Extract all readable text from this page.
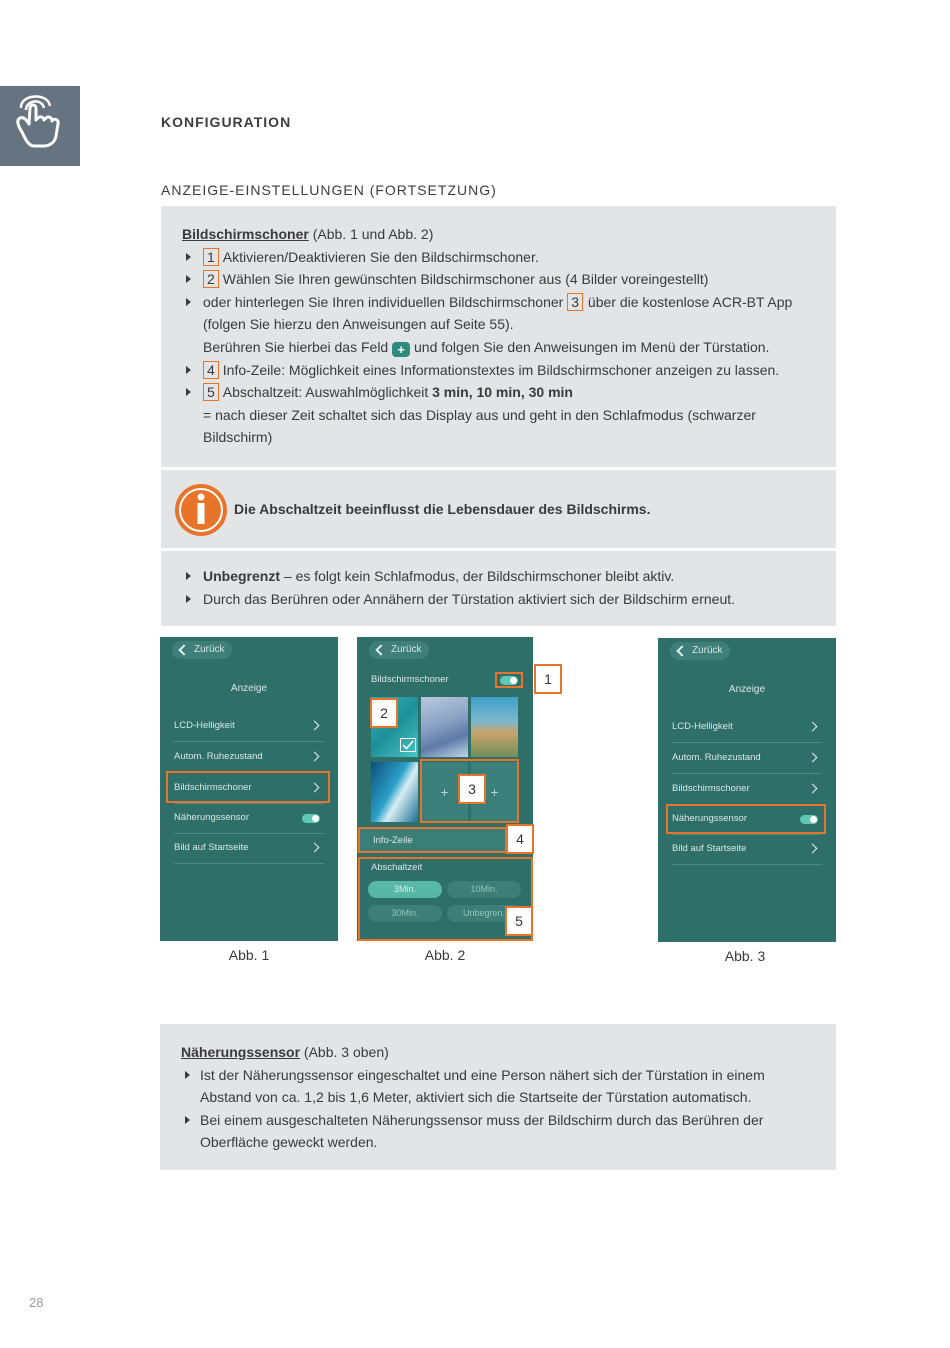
KONFIGURATION
ANZEIGE-EINSTELLUNGEN (FORTSETZUNG)
Bildschirmschoner (Abb. 1 und Abb. 2)
1 Aktivieren/Deaktivieren Sie den Bildschirmschoner.
2 Wählen Sie Ihren gewünschten Bildschirmschoner aus (4 Bilder voreingestellt)
oder hinterlegen Sie Ihren individuellen Bildschirmschoner 3 über die kostenlose ACR-BT App
(folgen Sie hierzu den Anweisungen auf Seite 55).
Berühren Sie hierbei das Feld + und folgen Sie den Anweisungen im Menü der Türstation.
4 Info-Zeile: Möglichkeit eines Informationstextes im Bildschirmschoner anzeigen zu lassen.
5 Abschaltzeit: Auswahlmöglichkeit 3 min, 10 min, 30 min
= nach dieser Zeit schaltet sich das Display aus und geht in den Schlafmodus (schwarzer
Bildschirm)
Die Abschaltzeit beeinflusst die Lebensdauer des Bildschirms.
Unbegrenzt – es folgt kein Schlafmodus, der Bildschirmschoner bleibt aktiv.
Durch das Berühren oder Annähern der Türstation aktiviert sich der Bildschirm erneut.
Zurück
Anzeige
LCD-Helligkeit
Autom. Ruhezustand
Bildschirmschoner
Näherungssensor
Bild auf Startseite
Abb. 1
Zurück
Bildschirmschoner
+	+
Info-Zeile
Abschaltzeit
3Min.	10Min.
30Min.	Unbegren.
1
2
3
4
5
Abb. 2
Zurück
Anzeige
LCD-Helligkeit
Autom. Ruhezustand
Bildschirmschoner
Näherungssensor
Bild auf Startseite
Abb. 3
Näherungssensor (Abb. 3 oben)
Ist der Näherungssensor eingeschaltet und eine Person nähert sich der Türstation in einem
Abstand von ca. 1,2 bis 1,6 Meter, aktiviert sich die Startseite der Türstation automatisch.
Bei einem ausgeschalteten Näherungssensor muss der Bildschirm durch das Berühren der
Oberfläche geweckt werden.
28
